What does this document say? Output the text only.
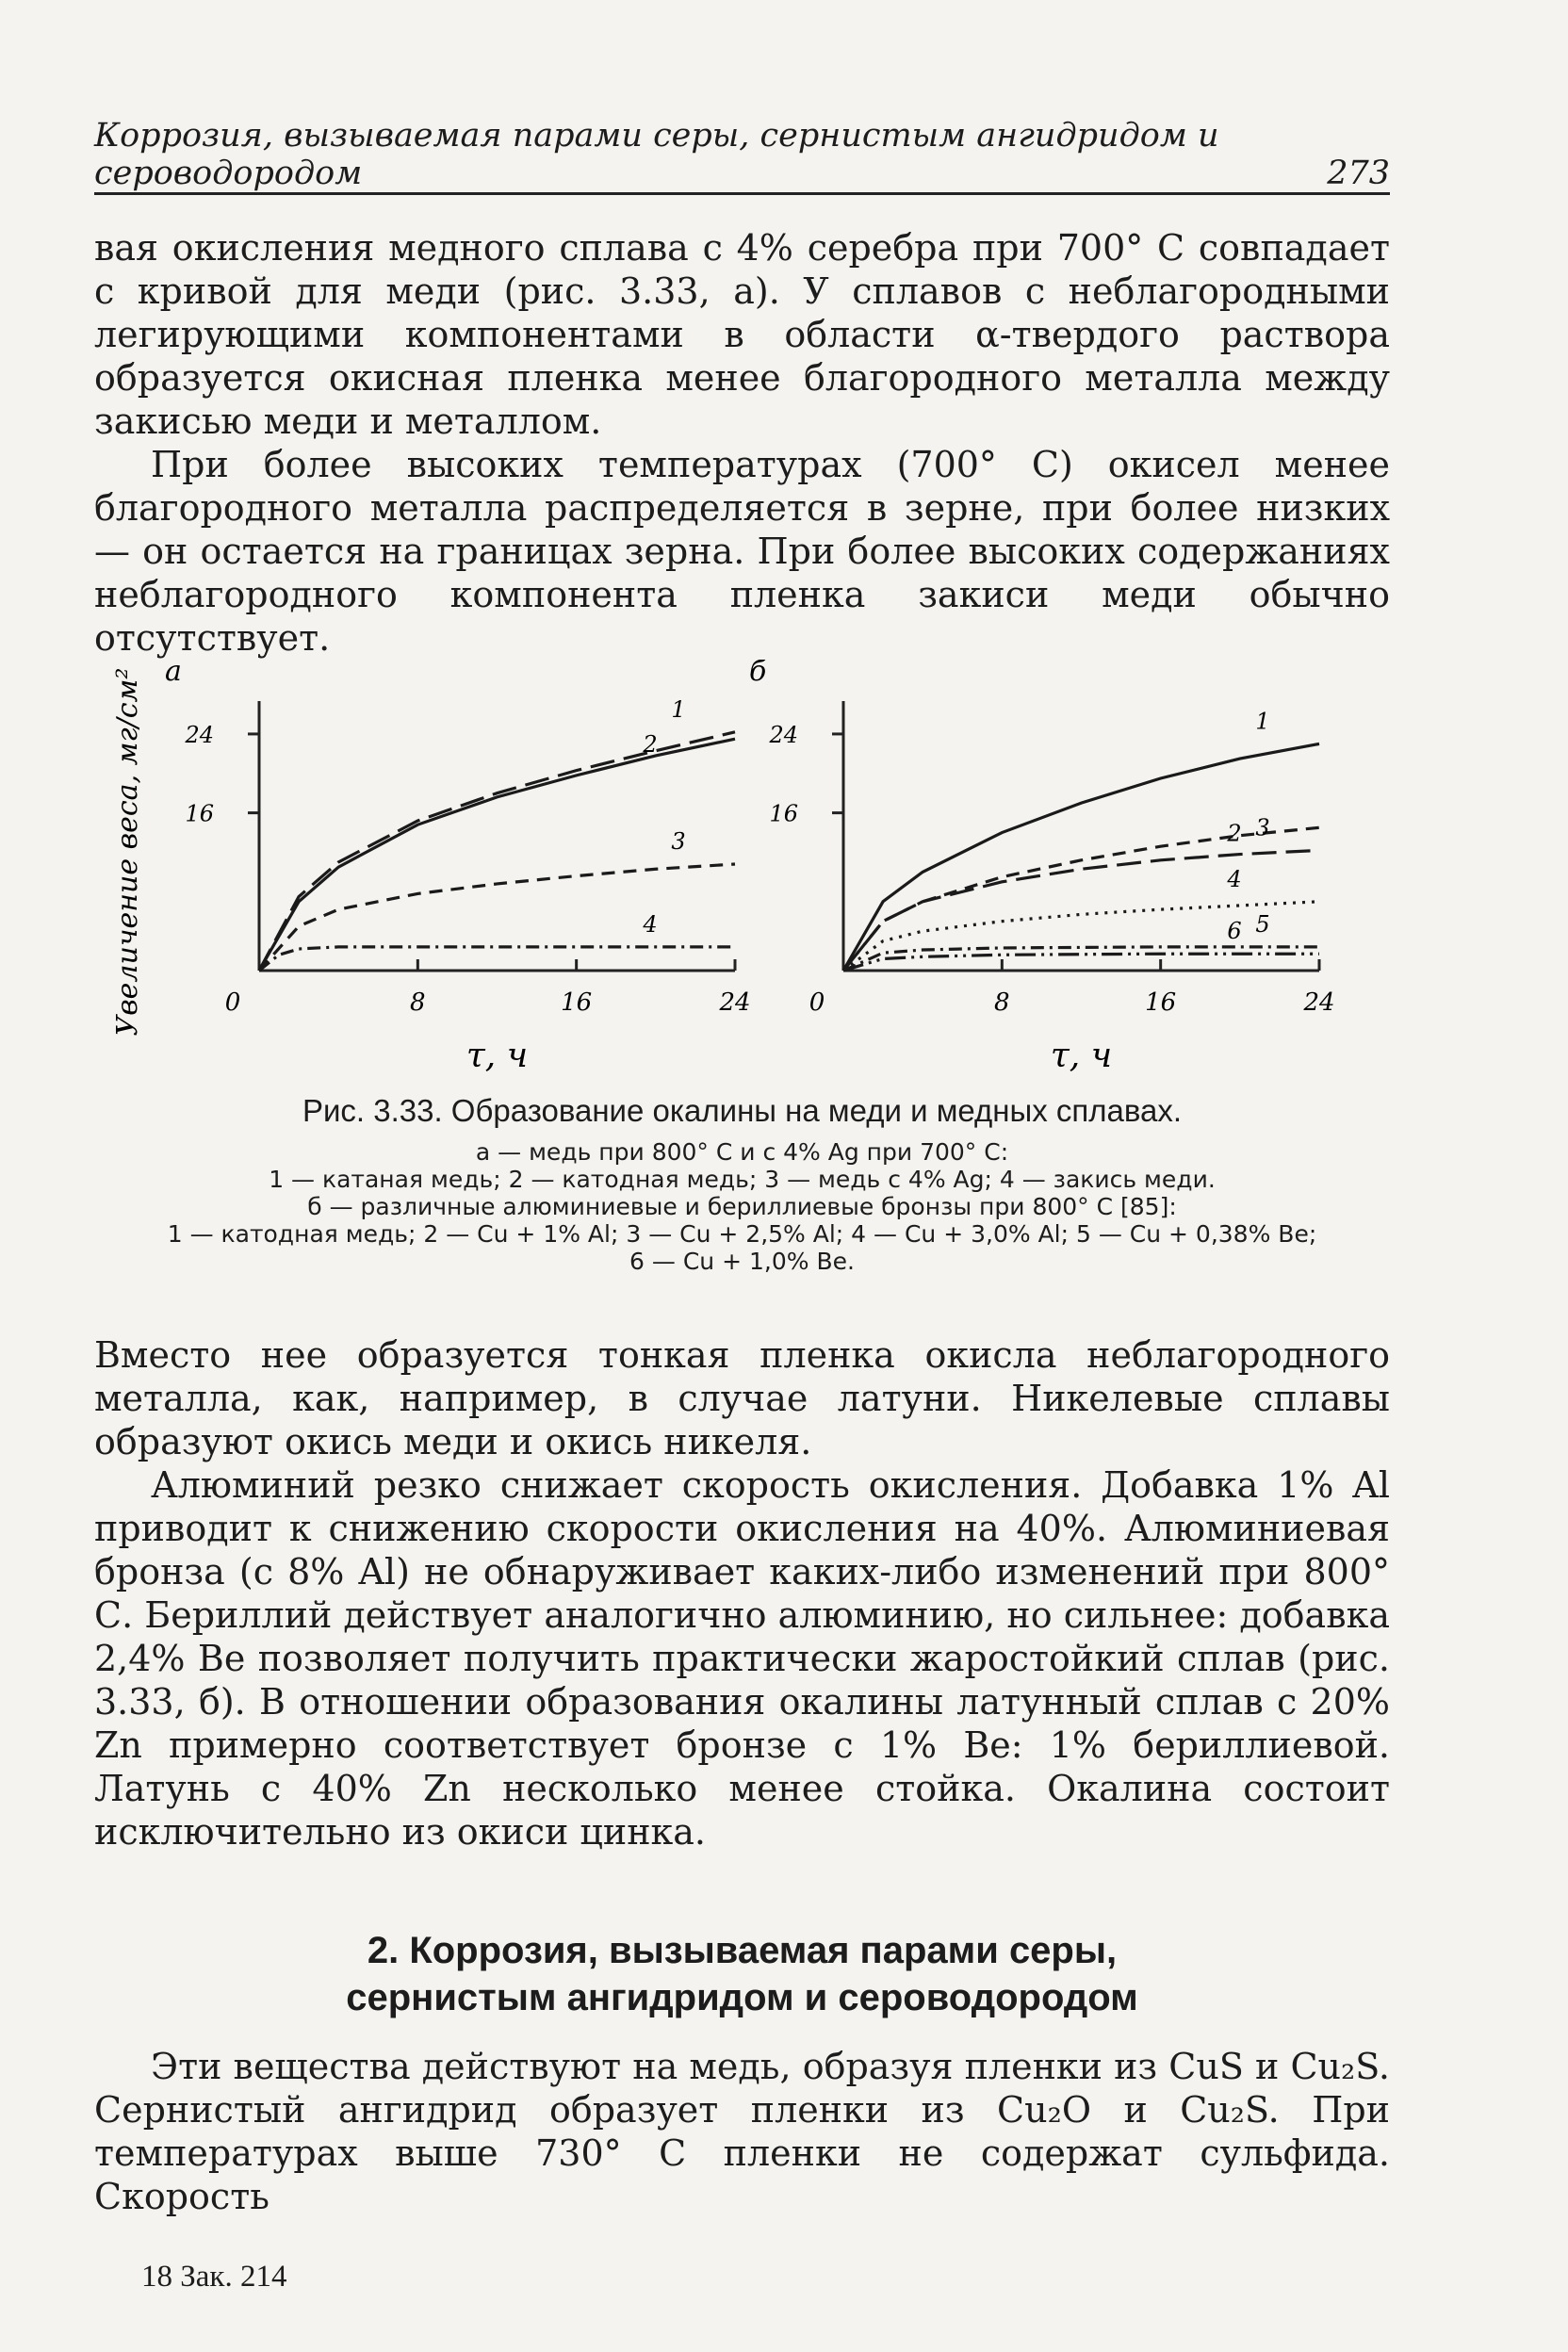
Коррозия, вызываемая парами серы, сернистым ангидридом и сероводородом	273

вая окисления медного сплава с 4% серебра при 700° С совпадает с кривой для меди (рис. 3.33, а). У сплавов с неблагородными легирующими компонентами в области α-твердого раствора образуется окисная пленка менее благородного металла между закисью меди и металлом.

При более высоких температурах (700° С) окисел менее благородного металла распределяется в зерне, при более низких — он остается на границах зерна. При более высоких содержаниях неблагородного компонента пленка закиси меди обычно отсутствует.

а
16
24
0	8	16	24
τ, ч
Увеличение веса, мг/см²	1
2
3
4
б
16
24
0	8	16	24
τ, ч
1
2 3
4
5
6
Рис. 3.33. Образование окалины на меди и медных сплавах.
а — медь при 800° С и с 4% Ag при 700° С:
1 — катаная медь; 2 — катодная медь; 3 — медь с 4% Ag; 4 — закись меди.
б — различные алюминиевые и бериллиевые бронзы при 800° С [85]:
1 — катодная медь; 2 — Cu + 1% Al; 3 — Cu + 2,5% Al; 4 — Cu + 3,0% Al; 5 — Cu + 0,38% Be;
6 — Cu + 1,0% Be.

Вместо нее образуется тонкая пленка окисла неблагородного металла, как, например, в случае латуни. Никелевые сплавы образуют окись меди и окись никеля.

Алюминий резко снижает скорость окисления. Добавка 1% Al приводит к снижению скорости окисления на 40%. Алюминиевая бронза (с 8% Al) не обнаруживает каких-либо изменений при 800° С. Бериллий действует аналогично алюминию, но сильнее: добавка 2,4% Be позволяет получить практически жаростойкий сплав (рис. 3.33, б). В отношении образования окалины латунный сплав с 20% Zn примерно соответствует бронзе с 1% Be: 1% бериллиевой. Латунь с 40% Zn несколько менее стойка. Окалина состоит исключительно из окиси цинка.

2. Коррозия, вызываемая парами серы,
сернистым ангидридом и сероводородом

Эти вещества действуют на медь, образуя пленки из CuS и Cu₂S. Сернистый ангидрид образует пленки из Cu₂O и Cu₂S. При температурах выше 730° С пленки не содержат сульфида. Скорость

18 Зак. 214
